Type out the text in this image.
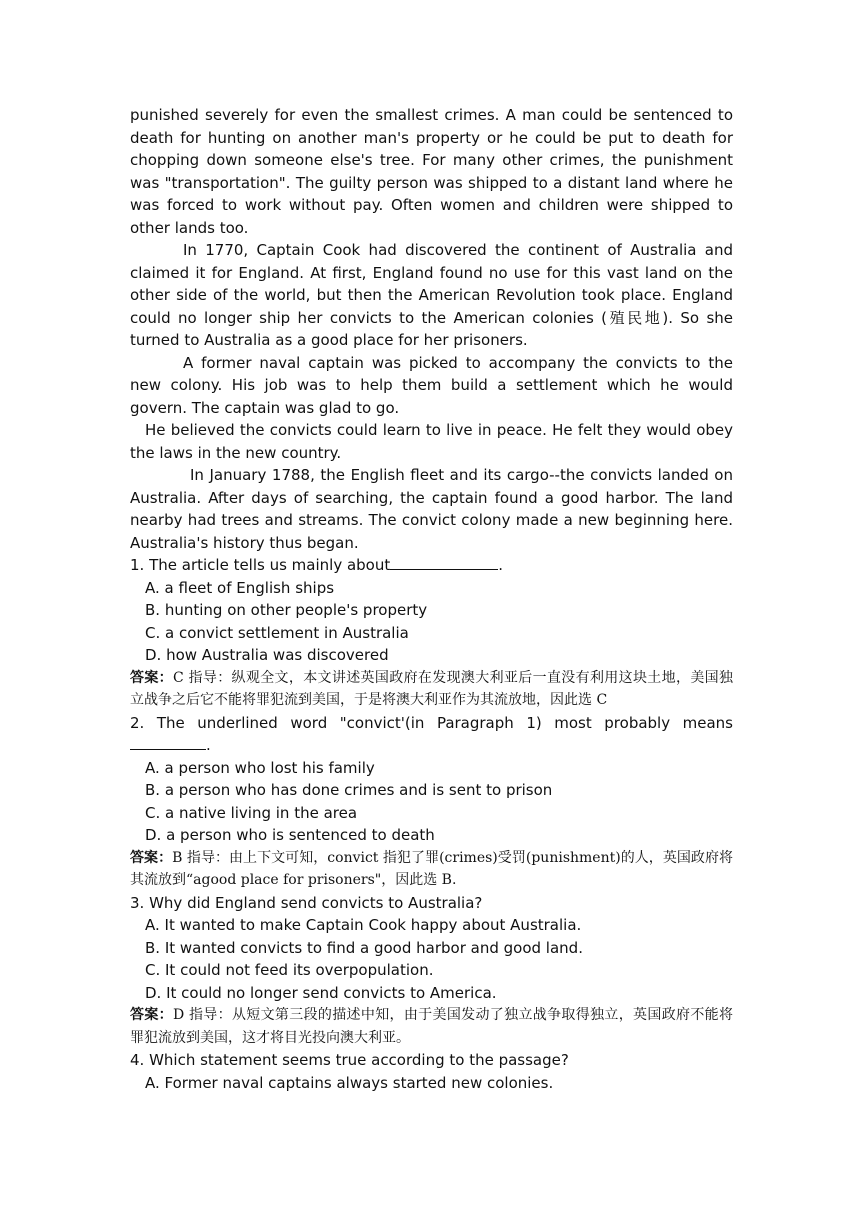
punished severely for even the smallest crimes. A man could be sentenced to death for hunting on another man's property or he could be put to death for chopping down someone else's tree. For many other crimes, the punishment was "transportation". The guilty person was shipped to a distant land where he was forced to work without pay. Often women and children were shipped to other lands too.

In 1770, Captain Cook had discovered the continent of Australia and claimed it for England. At first, England found no use for this vast land on the other side of the world, but then the American Revolution took place. England could no longer ship her convicts to the American colonies (殖民地). So she turned to Australia as a good place for her prisoners.

A former naval captain was picked to accompany the convicts to the new colony. His job was to help them build a settlement which he would govern. The captain was glad to go.

He believed the convicts could learn to live in peace. He felt they would obey the laws in the new country.

In January 1788, the English fleet and its cargo--the convicts landed on Australia. After days of searching, the captain found a good harbor. The land nearby had trees and streams. The convict colony made a new beginning here. Australia's history thus began.

1. The article tells us mainly about	.

A. a fleet of English ships

B. hunting on other people's property

C. a convict settlement in Australia

D. how Australia was discovered

答案：C 指导：纵观全文，本文讲述英国政府在发现澳大利亚后一直没有利用这块土地，美国独立战争之后它不能将罪犯流到美国，于是将澳大利亚作为其流放地，因此选 C

2. The underlined word "convict'(in Paragraph 1) most probably means .

A. a person who lost his family

B. a person who has done crimes and is sent to prison

C. a native living in the area

D. a person who is sentenced to death

答案：B 指导：由上下文可知，convict 指犯了罪(crimes)受罚(punishment)的人，英国政府将其流放到“agood place for prisoners"，因此选 B.

3. Why did England send convicts to Australia?

A. It wanted to make Captain Cook happy about Australia.

B. It wanted convicts to find a good harbor and good land.

C. It could not feed its overpopulation.

D. It could no longer send convicts to America.

答案：D 指导：从短文第三段的描述中知，由于美国发动了独立战争取得独立，英国政府不能将罪犯流放到美国，这才将目光投向澳大利亚。

4. Which statement seems true according to the passage?

A. Former naval captains always started new colonies.
